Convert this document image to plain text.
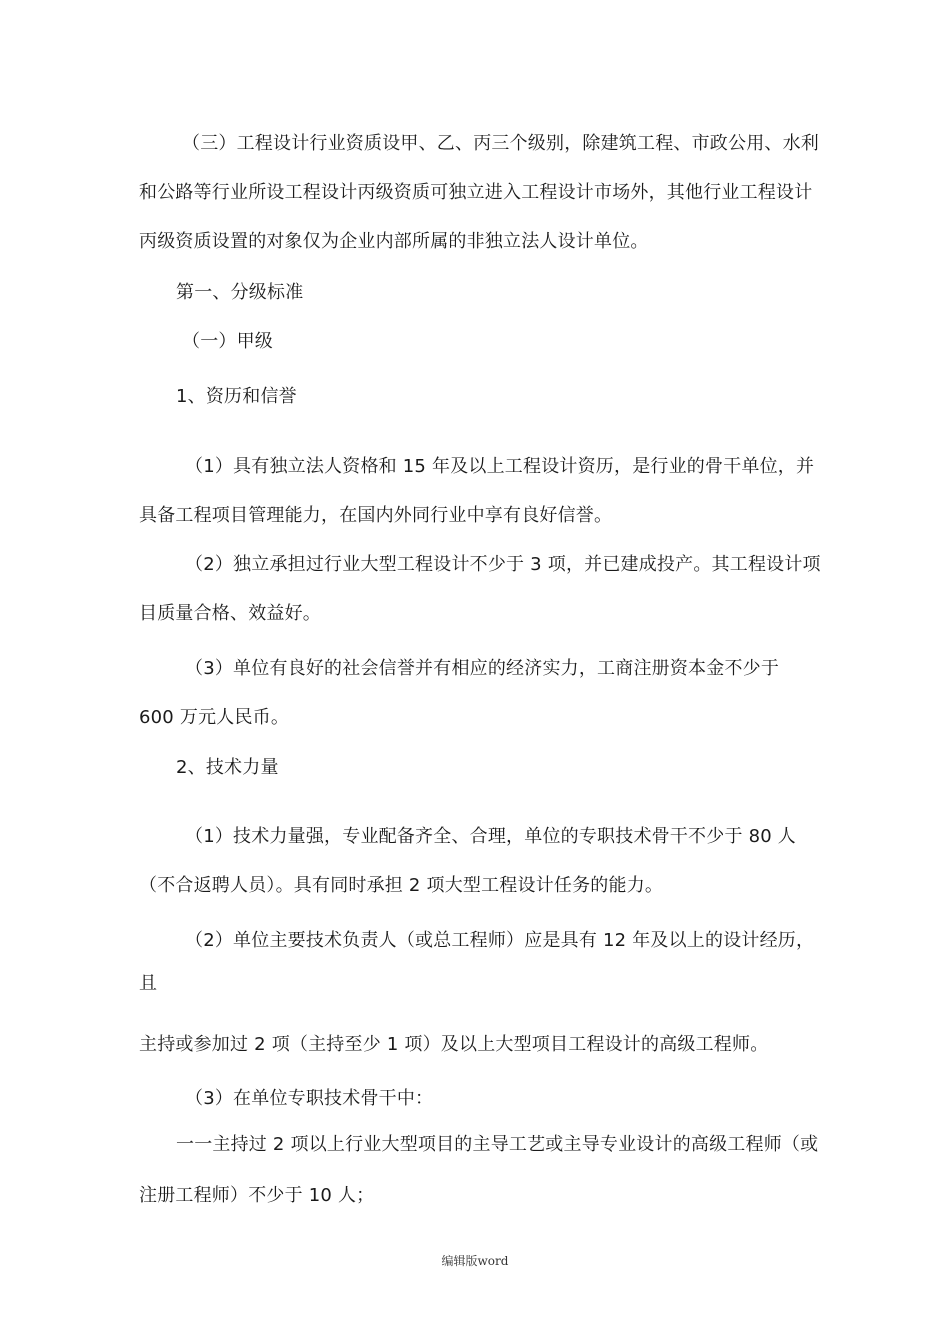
（三）工程设计行业资质设甲、乙、丙三个级别，除建筑工程、市政公用、水利
和公路等行业所设工程设计丙级资质可独立进入工程设计市场外，其他行业工程设计
丙级资质设置的对象仅为企业内部所属的非独立法人设计单位。
第一、分级标准
（一）甲级
1、资历和信誉
（1）具有独立法人资格和 15 年及以上工程设计资历，是行业的骨干单位，并
具备工程项目管理能力，在国内外同行业中享有良好信誉。
（2）独立承担过行业大型工程设计不少于 3 项，并已建成投产。其工程设计项
目质量合格、效益好。
（3）单位有良好的社会信誉并有相应的经济实力，工商注册资本金不少于
600 万元人民币。
2、技术力量
（1）技术力量强，专业配备齐全、合理，单位的专职技术骨干不少于 80 人
（不合返聘人员）。具有同时承担 2 项大型工程设计任务的能力。
（2）单位主要技术负责人（或总工程师）应是具有 12 年及以上的设计经历，
且
主持或参加过 2 项（主持至少 1 项）及以上大型项目工程设计的高级工程师。
（3）在单位专职技术骨干中：
一一主持过 2 项以上行业大型项目的主导工艺或主导专业设计的高级工程师（或
注册工程师）不少于 10 人；
编辑版word
